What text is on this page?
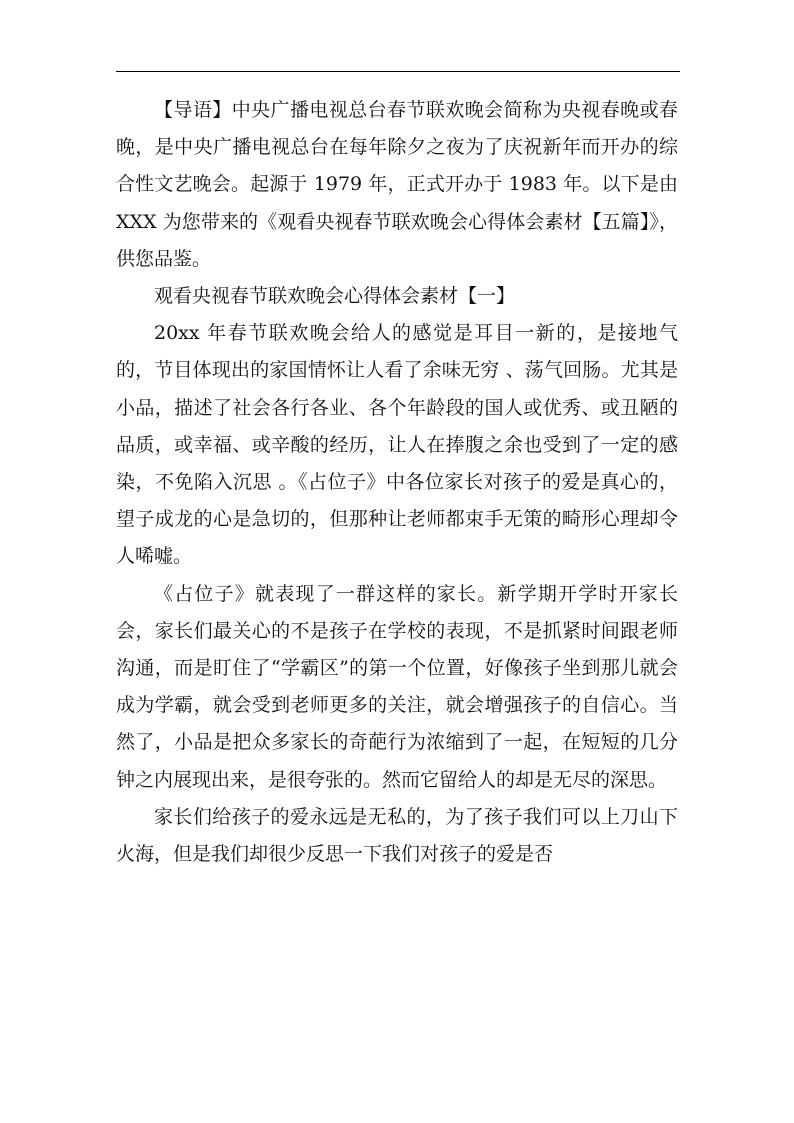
【导语】中央广播电视总台春节联欢晚会简称为央视春晚或春晚，是中央广播电视总台在每年除夕之夜为了庆祝新年而开办的综合性文艺晚会。起源于 1979 年，正式开办于 1983 年。以下是由 XXX 为您带来的《观看央视春节联欢晚会心得体会素材【五篇】》，供您品鉴。

观看央视春节联欢晚会心得体会素材【一】

20xx 年春节联欢晚会给人的感觉是耳目一新的，是接地气的，节目体现出的家国情怀让人看了余味无穷 、荡气回肠。尤其是小品，描述了社会各行各业、各个年龄段的国人或优秀、或丑陋的品质，或幸福、或辛酸的经历，让人在捧腹之余也受到了一定的感染，不免陷入沉思 。《占位子》中各位家长对孩子的爱是真心的，望子成龙的心是急切的，但那种让老师都束手无策的畸形心理却令人唏嘘。

《占位子》就表现了一群这样的家长。新学期开学时开家长会，家长们最关心的不是孩子在学校的表现，不是抓紧时间跟老师沟通，而是盯住了“学霸区”的第一个位置，好像孩子坐到那儿就会成为学霸，就会受到老师更多的关注，就会增强孩子的自信心。当然了，小品是把众多家长的奇葩行为浓缩到了一起，在短短的几分钟之内展现出来，是很夸张的。然而它留给人的却是无尽的深思。

家长们给孩子的爱永远是无私的，为了孩子我们可以上刀山下火海，但是我们却很少反思一下我们对孩子的爱是否
